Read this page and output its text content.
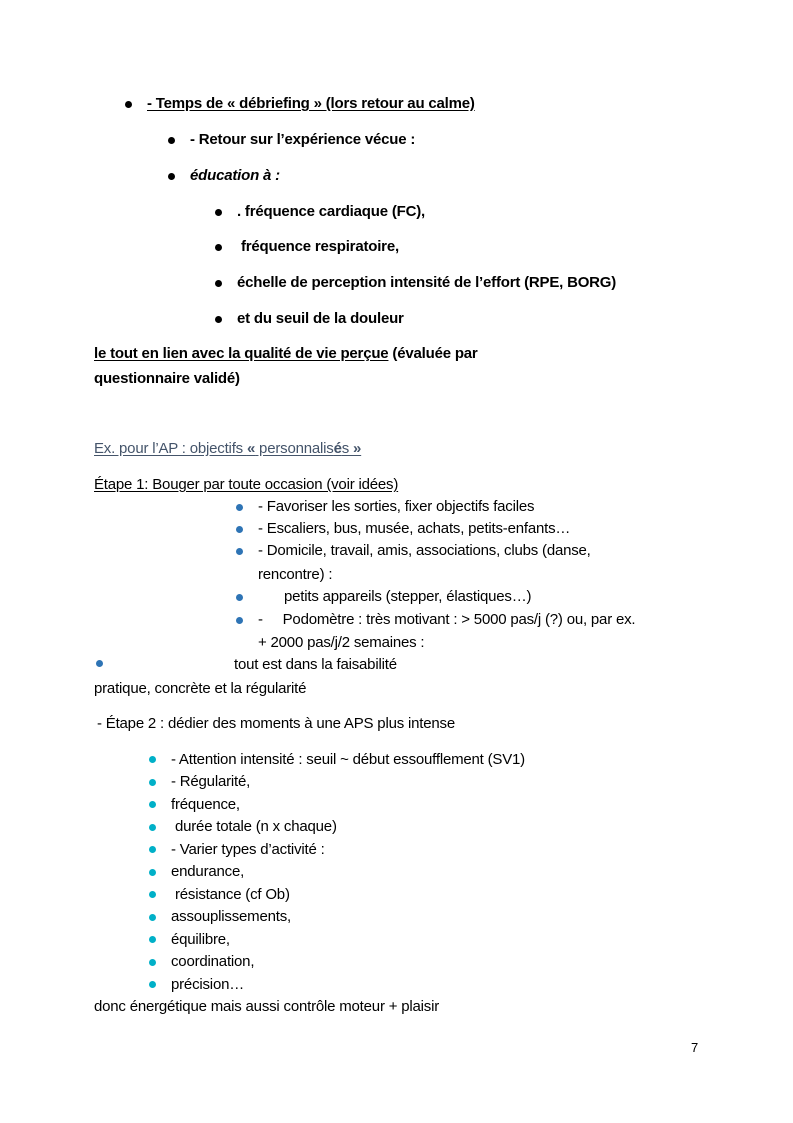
- Temps de « débriefing » (lors retour au calme)
- Retour sur l’expérience vécue :
éducation à :
. fréquence cardiaque (FC),
fréquence respiratoire,
échelle de perception intensité de l’effort (RPE, BORG)
et du seuil de la douleur
le tout en lien avec la qualité de vie perçue (évaluée par
questionnaire validé)
Ex. pour l’AP : objectifs « personnalisés »
Étape 1: Bouger par toute occasion (voir idées)
- Favoriser les sorties, fixer objectifs faciles
- Escaliers, bus, musée, achats, petits-enfants…
- Domicile, travail, amis, associations, clubs (danse,
rencontre) :
petits appareils (stepper, élastiques…)
-     Podomètre : très motivant : > 5000 pas/j (?) ou, par ex.
+ 2000 pas/j/2 semaines :
tout est dans la faisabilité
pratique, concrète et la régularité
- Étape 2 : dédier des moments à une APS plus intense
- Attention intensité : seuil ~ début essoufflement (SV1)
- Régularité,
fréquence,
durée totale (n x chaque)
- Varier types d’activité :
endurance,
résistance (cf Ob)
assouplissements,
équilibre,
coordination,
précision…
donc énergétique mais aussi contrôle moteur + plaisir
7
